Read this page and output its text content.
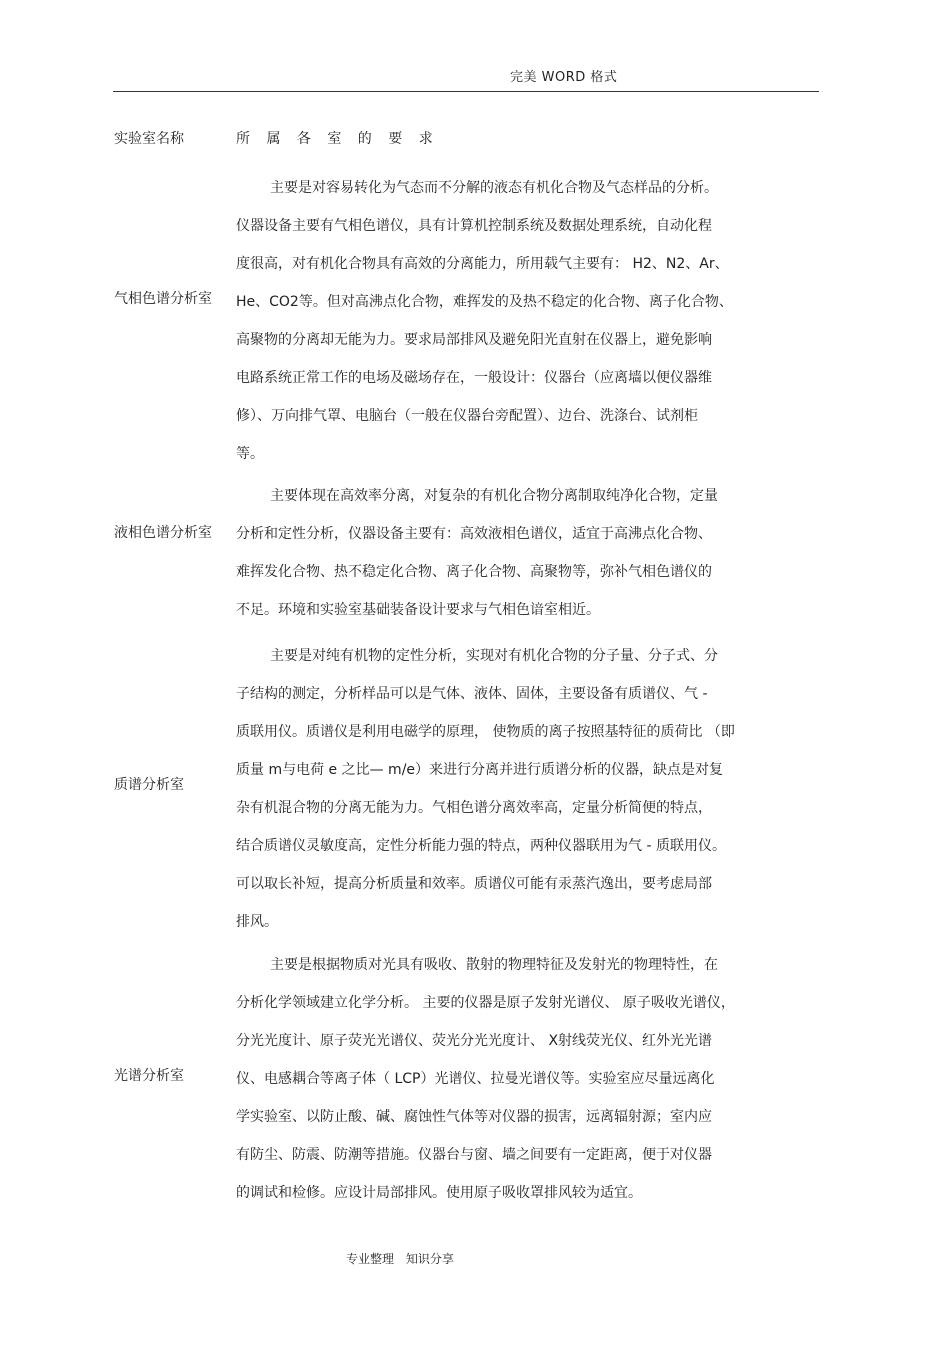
完美 WORD 格式
实验室名称	所 属 各 室 的 要 求
气相色谱分析室
主要是对容易转化为气态而不分解的液态有机化合物及气态样品的分析。
仪器设备主要有气相色谱仪，具有计算机控制系统及数据处理系统，自动化程
度很高，对有机化合物具有高效的分离能力，所用载气主要有： H2、N2、Ar、
He、CO2等。但对高沸点化合物，难挥发的及热不稳定的化合物、离子化合物、
高聚物的分离却无能为力。要求局部排风及避免阳光直射在仪器上，避免影响
电路系统正常工作的电场及磁场存在，一般设计：仪器台（应离墙以便仪器维
修）、万向排气罩、电脑台（一般在仪器台旁配置）、边台、洗涤台、试剂柜
等。
液相色谱分析室
主要体现在高效率分离，对复杂的有机化合物分离制取纯净化合物，定量
分析和定性分析，仪器设备主要有：高效液相色谱仪，适宜于高沸点化合物、
难挥发化合物、热不稳定化合物、离子化合物、高聚物等，弥补气相色谱仪的
不足。环境和实验室基础装备设计要求与气相色谙室相近。
质谱分析室
主要是对纯有机物的定性分析，实现对有机化合物的分子量、分子式、分
子结构的测定，分析样品可以是气体、液体、固体，主要设备有质谱仪、气 -
质联用仪。质谱仪是利用电磁学的原理， 使物质的离子按照基特征的质荷比 （即
质量 m与电荷 e 之比— m/e）来进行分离并进行质谱分析的仪器，缺点是对复
杂有机混合物的分离无能为力。气相色谱分离效率高，定量分析简便的特点，
结合质谱仪灵敏度高，定性分析能力强的特点，两种仪器联用为气 - 质联用仪。
可以取长补短，提高分析质量和效率。质谱仪可能有汞蒸汽逸出，要考虑局部
排风。
光谱分析室
主要是根据物质对光具有吸收、散射的物理特征及发射光的物理特性，在
分析化学领域建立化学分析。 主要的仪器是原子发射光谱仪、 原子吸收光谱仪，
分光光度计、原子荧光光谱仪、荧光分光光度计、 X射线荧光仪、红外光光谱
仪、电感耦合等离子体（ LCP）光谱仪、拉曼光谱仪等。实验室应尽量远离化
学实验室、以防止酸、碱、腐蚀性气体等对仪器的损害，远离辐射源；室内应
有防尘、防震、防潮等措施。仪器台与窗、墙之间要有一定距离，便于对仪器
的调试和检修。应设计局部排风。使用原子吸收罩排风较为适宜。
专业整理 知识分享
